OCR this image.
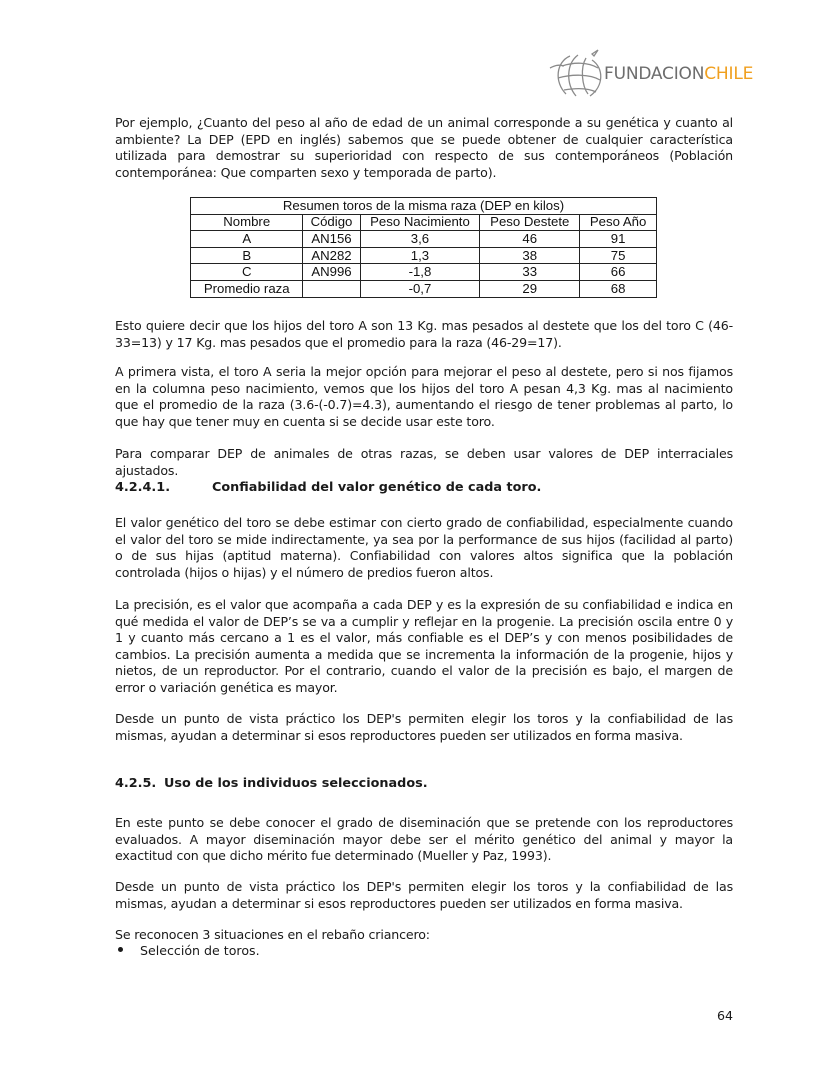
FUNDACIONCHILE

Por ejemplo, ¿Cuanto del peso al año de edad de un animal corresponde a su genética y cuanto al ambiente? La DEP (EPD en inglés) sabemos que se puede obtener de cualquier característica utilizada para demostrar su superioridad con respecto de sus contemporáneos (Población contemporánea: Que comparten sexo y temporada de parto).

Resumen toros de la misma raza (DEP en kilos)				
Nombre	Código	Peso Nacimiento	Peso Destete	Peso Año
A	AN156	3,6	46	91
B	AN282	1,3	38	75
C	AN996	-1,8	33	66
Promedio raza		-0,7	29	68

Esto quiere decir que los hijos del toro A son 13 Kg. mas pesados al destete que los del toro C (46-33=13) y 17 Kg. mas pesados que el promedio para la raza (46-29=17).

A primera vista, el toro A seria la mejor opción para mejorar el peso al destete, pero si nos fijamos en la columna peso nacimiento, vemos que los hijos del toro A pesan 4,3 Kg. mas al nacimiento que el promedio de la raza (3.6-(-0.7)=4.3), aumentando el riesgo de tener problemas al parto, lo que hay que tener muy en cuenta si se decide usar este toro.

Para comparar DEP de animales de otras razas, se deben usar valores de DEP interraciales ajustados.

4.2.4.1.	Confiabilidad del valor genético de cada toro.

El valor genético del toro se debe estimar con cierto grado de confiabilidad, especialmente cuando el valor del toro se mide indirectamente, ya sea por la performance de sus hijos (facilidad al parto) o de sus hijas (aptitud materna). Confiabilidad con valores altos significa que la población controlada (hijos o hijas) y el número de predios fueron altos.

La precisión, es el valor que acompaña a cada DEP y es la expresión de su confiabilidad e indica en qué medida el valor de DEP’s se va a cumplir y reflejar en la progenie. La precisión oscila entre 0 y 1 y cuanto más cercano a 1 es el valor, más confiable es el DEP’s y con menos posibilidades de cambios. La precisión aumenta a medida que se incrementa la información de la progenie, hijos y nietos, de un reproductor. Por el contrario, cuando el valor de la precisión es bajo, el margen de error o variación genética es mayor.

Desde un punto de vista práctico los DEP's permiten elegir los toros y la confiabilidad de las mismas, ayudan a determinar si esos reproductores pueden ser utilizados en forma masiva.

4.2.5. Uso de los individuos seleccionados.

En este punto se debe conocer el grado de diseminación que se pretende con los reproductores evaluados. A mayor diseminación mayor debe ser el mérito genético del animal y mayor la exactitud con que dicho mérito fue determinado (Mueller y Paz, 1993).

Desde un punto de vista práctico los DEP's permiten elegir los toros y la confiabilidad de las mismas, ayudan a determinar si esos reproductores pueden ser utilizados en forma masiva.

Se reconocen 3 situaciones en el rebaño criancero:

Selección de toros.
64
